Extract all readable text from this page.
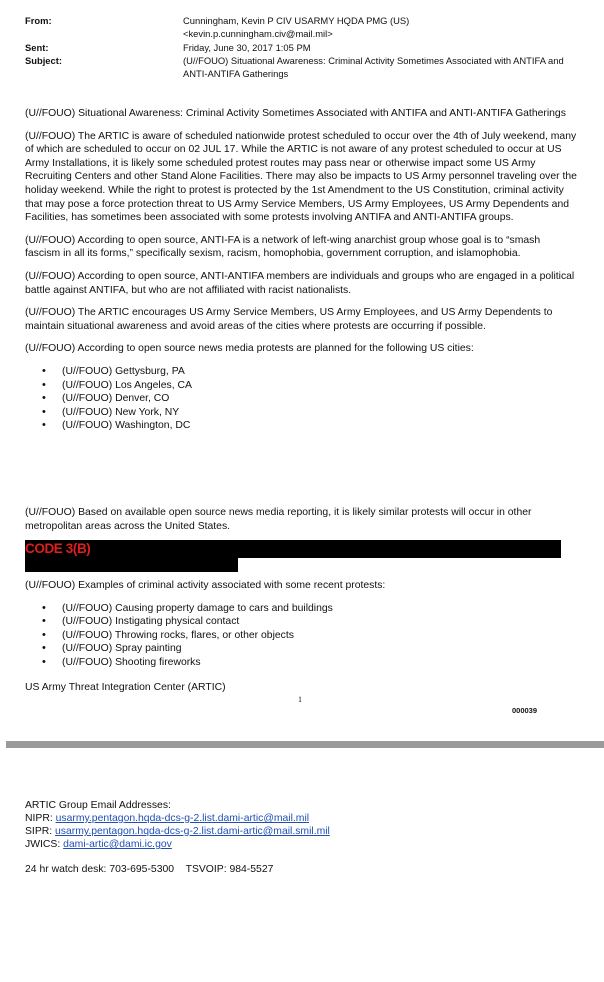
From:	Cunningham, Kevin P CIV USARMY HQDA PMG (US)
<kevin.p.cunningham.civ@mail.mil>
Sent:	Friday, June 30, 2017 1:05 PM
Subject:	(U//FOUO) Situational Awareness: Criminal Activity Sometimes Associated with ANTIFA and ANTI-ANTIFA Gatherings

(U//FOUO) Situational Awareness: Criminal Activity Sometimes Associated with ANTIFA and ANTI-ANTIFA Gatherings

(U//FOUO) The ARTIC is aware of scheduled nationwide protest scheduled to occur over the 4th of July weekend, many of which are scheduled to occur on 02 JUL 17. While the ARTIC is not aware of any protest scheduled to occur at US Army Installations, it is likely some scheduled protest routes may pass near or otherwise impact some US Army Recruiting Centers and other Stand Alone Facilities. There may also be impacts to US Army personnel traveling over the holiday weekend. While the right to protest is protected by the 1st Amendment to the US Constitution, criminal activity that may pose a force protection threat to US Army Service Members, US Army Employees, US Army Dependents and Facilities, has sometimes been associated with some protests involving ANTIFA and ANTI-ANTIFA groups.

(U//FOUO) According to open source, ANTI-FA is a network of left-wing anarchist group whose goal is to “smash fascism in all its forms,” specifically sexism, racism, homophobia, government corruption, and islamophobia.

(U//FOUO) According to open source, ANTI-ANTIFA members are individuals and groups who are engaged in a political battle against ANTIFA, but who are not affiliated with racist nationalists.

(U//FOUO) The ARTIC encourages US Army Service Members, US Army Employees, and US Army Dependents to maintain situational awareness and avoid areas of the cities where protests are occurring if possible.

(U//FOUO) According to open source news media protests are planned for the following US cities:

• (U//FOUO) Gettysburg, PA
• (U//FOUO) Los Angeles, CA
• (U//FOUO) Denver, CO
• (U//FOUO) New York, NY
• (U//FOUO) Washington, DC

(U//FOUO) Based on available open source news media reporting, it is likely similar protests will occur in other metropolitan areas across the United States.

CODE 3(B)

(U//FOUO) Examples of criminal activity associated with some recent protests:

• (U//FOUO) Causing property damage to cars and buildings
• (U//FOUO) Instigating physical contact
• (U//FOUO) Throwing rocks, flares, or other objects
• (U//FOUO) Spray painting
• (U//FOUO) Shooting fireworks
US Army Threat Integration Center (ARTIC)
1
000039
ARTIC Group Email Addresses:
NIPR: usarmy.pentagon.hqda-dcs-g-2.list.dami-artic@mail.mil
SIPR: usarmy.pentagon.hqda-dcs-g-2.list.dami-artic@mail.smil.mil
JWICS: dami-artic@dami.ic.gov
24 hr watch desk: 703-695-5300 TSVOIP: 984-5527
